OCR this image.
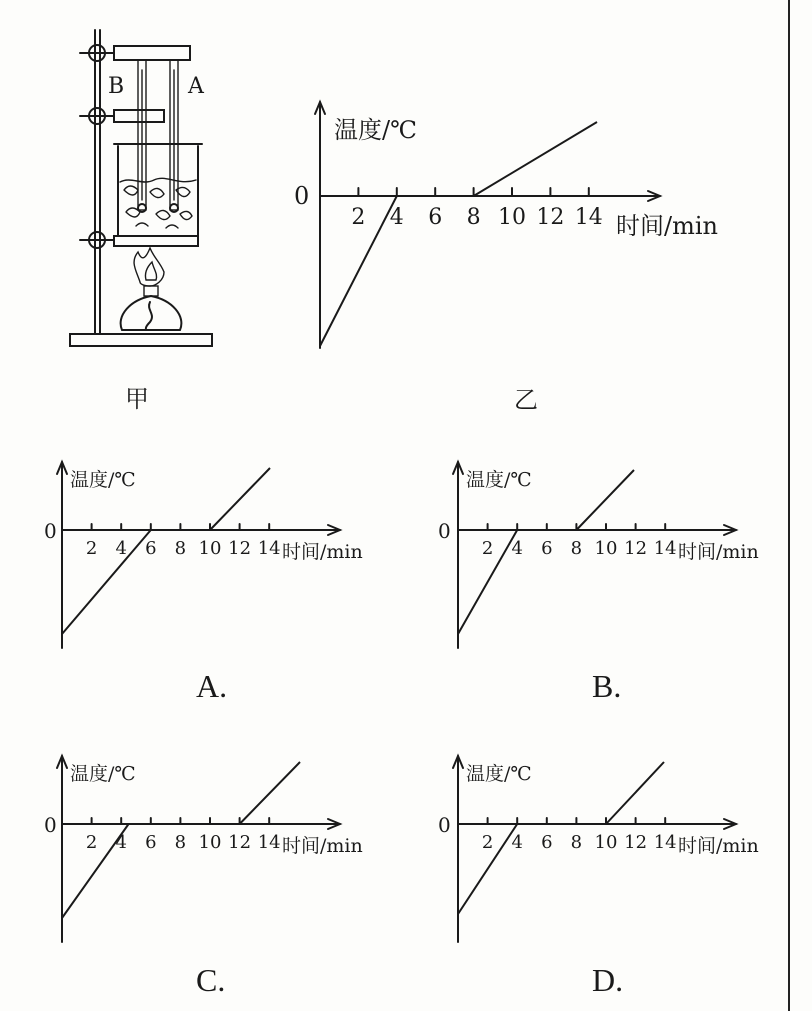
B	A
甲	乙
2 4 6 8 10 12 14
0
温度/℃
时间/min
2 4 6 8 10 12 14
0
温度/℃
时间/min	2 4 6 8 10 12 14
0
温度/℃
时间/min
2 4 6 8 10 12 14
0
温度/℃
时间/min	2 4 6 8 10 12 14
0
温度/℃
时间/min
A.	B.
C.	D.
